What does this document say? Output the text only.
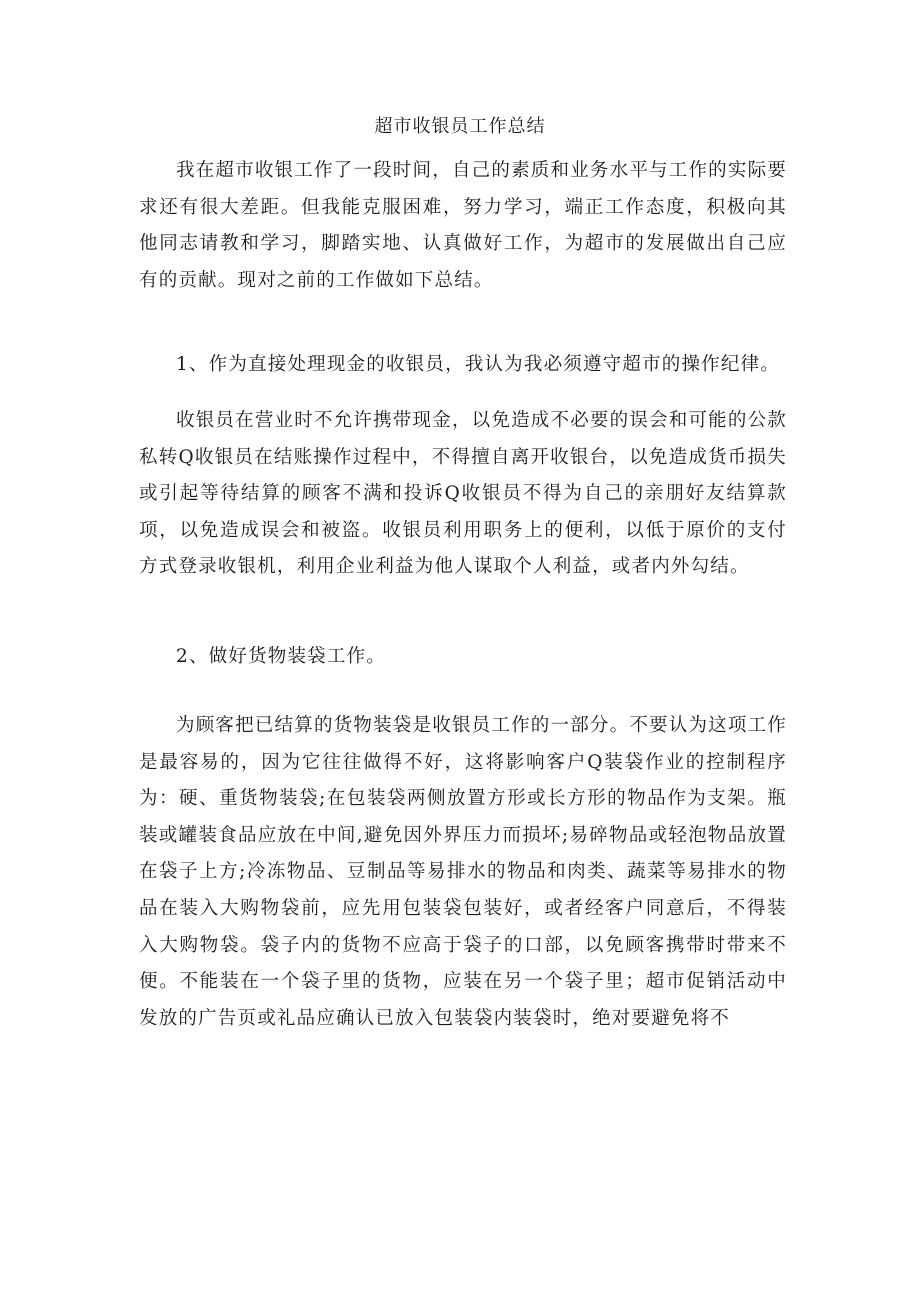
超市收银员工作总结

我在超市收银工作了一段时间，自己的素质和业务水平与工作的实际要求还有很大差距。但我能克服困难，努力学习，端正工作态度，积极向其他同志请教和学习，脚踏实地、认真做好工作，为超市的发展做出自己应有的贡献。现对之前的工作做如下总结。

1、作为直接处理现金的收银员，我认为我必须遵守超市的操作纪律。

收银员在营业时不允许携带现金，以免造成不必要的误会和可能的公款私转Q收银员在结账操作过程中，不得擅自离开收银台，以免造成货币损失或引起等待结算的顾客不满和投诉Q收银员不得为自己的亲朋好友结算款项，以免造成误会和被盗。收银员利用职务上的便利，以低于原价的支付方式登录收银机，利用企业利益为他人谋取个人利益，或者内外勾结。

2、做好货物装袋工作。

为顾客把已结算的货物装袋是收银员工作的一部分。不要认为这项工作是最容易的，因为它往往做得不好，这将影响客户Q装袋作业的控制程序为：硬、重货物装袋;在包装袋两侧放置方形或长方形的物品作为支架。瓶装或罐装食品应放在中间,避免因外界压力而损坏;易碎物品或轻泡物品放置在袋子上方;冷冻物品、豆制品等易排水的物品和肉类、蔬菜等易排水的物品在装入大购物袋前，应先用包装袋包装好，或者经客户同意后，不得装入大购物袋。袋子内的货物不应高于袋子的口部，以免顾客携带时带来不便。不能装在一个袋子里的货物，应装在另一个袋子里；超市促销活动中发放的广告页或礼品应确认已放入包装袋内装袋时，绝对要避免将不
